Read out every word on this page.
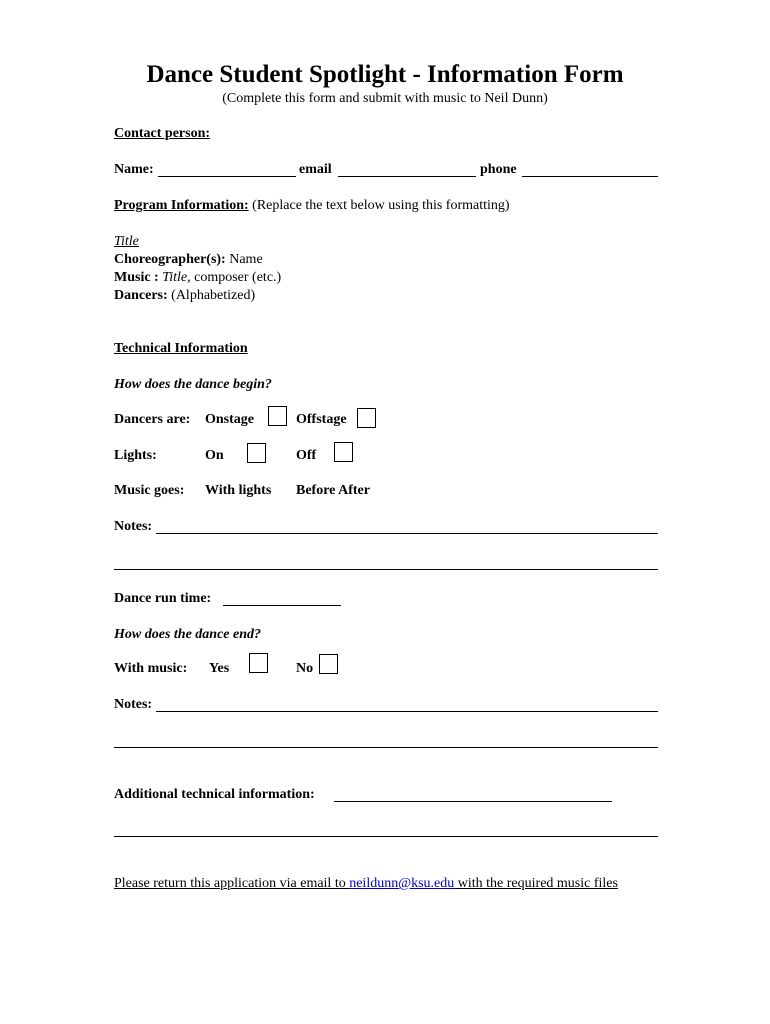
Dance Student Spotlight - Information Form
(Complete this form and submit with music to Neil Dunn)
Contact person:
Name:	email	phone
Program Information: (Replace the text below using this formatting)
Title
Choreographer(s): Name
Music : Title, composer (etc.)
Dancers: (Alphabetized)
Technical Information
How does the dance begin?
Dancers are: Onstage	Offstage
Lights:	On	Off
Music goes: With lights Before After
Notes:
Dance run time:
How does the dance end?
With music: Yes	No
Notes:
Additional technical information:
Please return this application via email to neildunn@ksu.edu with the required music files
